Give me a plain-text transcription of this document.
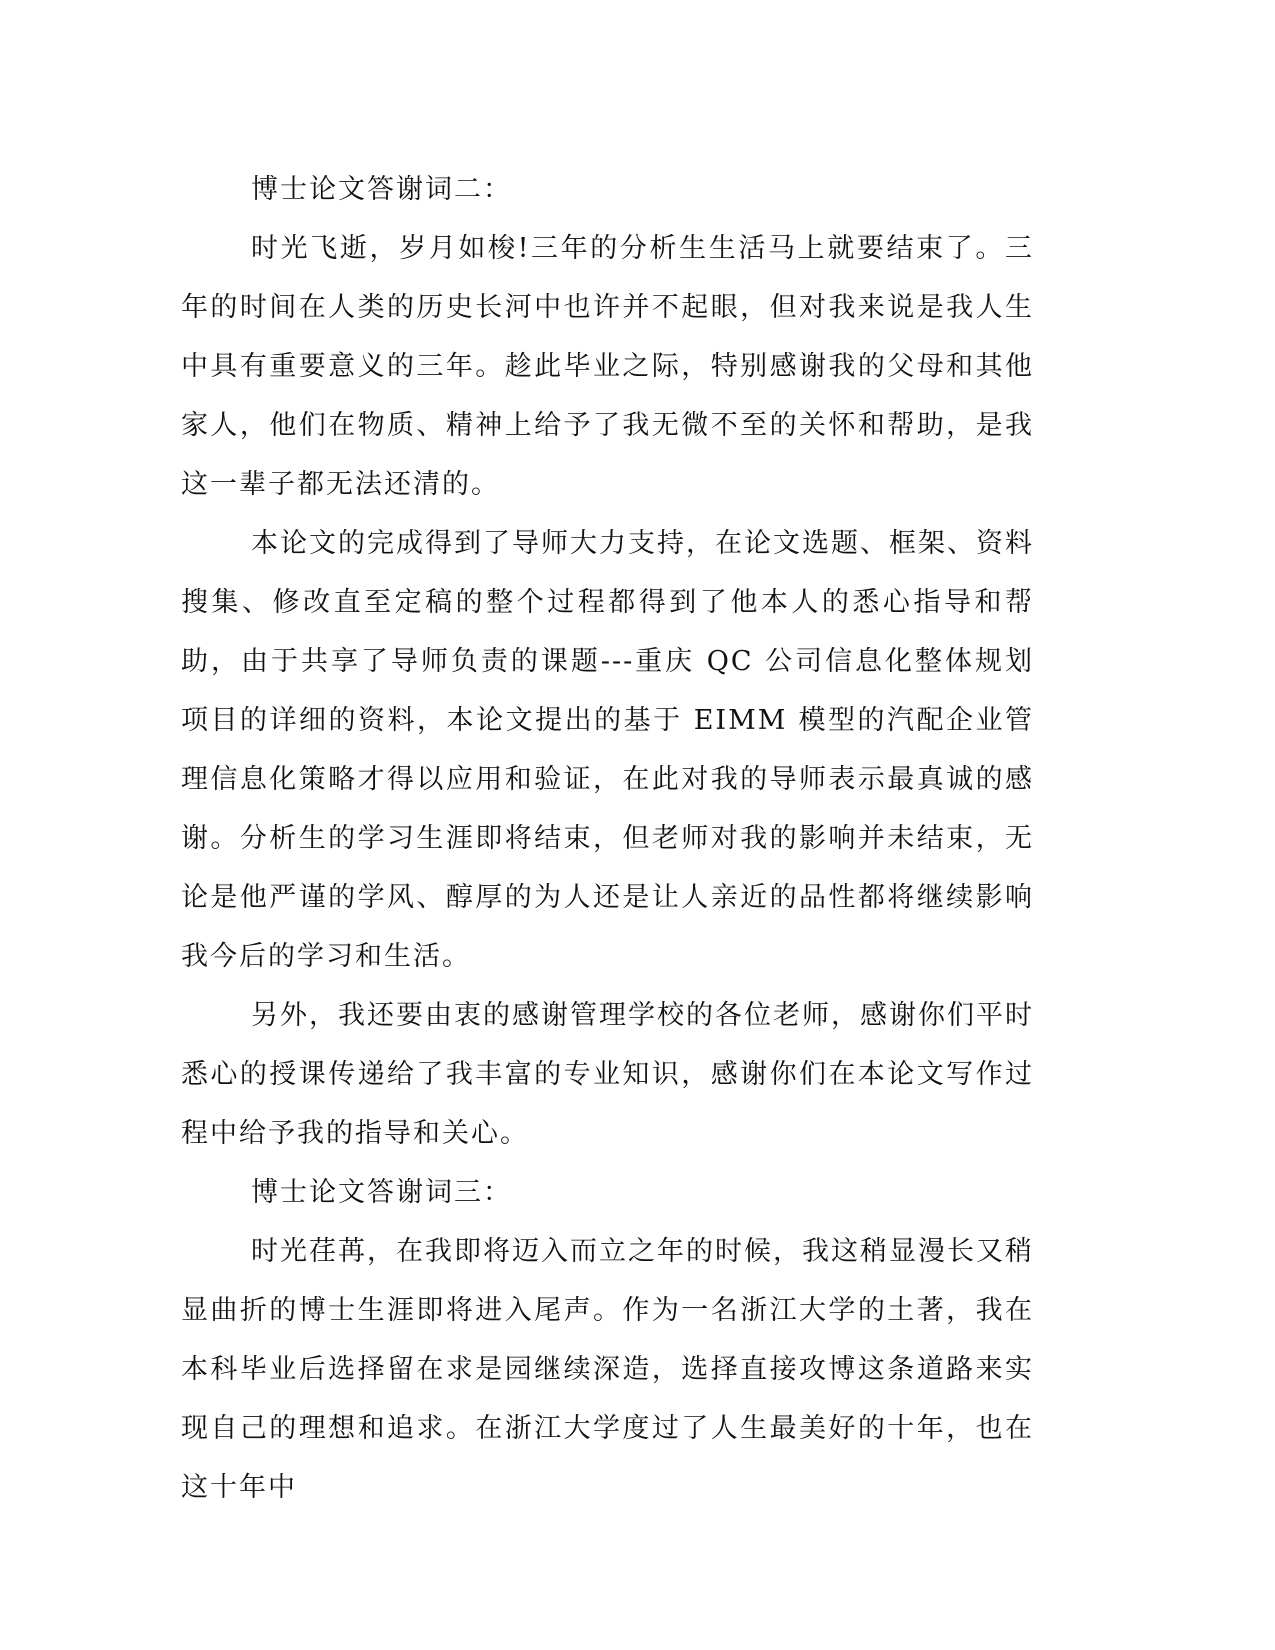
博士论文答谢词二：

时光飞逝，岁月如梭!三年的分析生生活马上就要结束了。三年的时间在人类的历史长河中也许并不起眼，但对我来说是我人生中具有重要意义的三年。趁此毕业之际，特别感谢我的父母和其他家人，他们在物质、精神上给予了我无微不至的关怀和帮助，是我这一辈子都无法还清的。

本论文的完成得到了导师大力支持，在论文选题、框架、资料搜集、修改直至定稿的整个过程都得到了他本人的悉心指导和帮助，由于共享了导师负责的课题---重庆 QC 公司信息化整体规划项目的详细的资料，本论文提出的基于 EIMM 模型的汽配企业管理信息化策略才得以应用和验证，在此对我的导师表示最真诚的感谢。分析生的学习生涯即将结束，但老师对我的影响并未结束，无论是他严谨的学风、醇厚的为人还是让人亲近的品性都将继续影响我今后的学习和生活。

另外，我还要由衷的感谢管理学校的各位老师，感谢你们平时悉心的授课传递给了我丰富的专业知识，感谢你们在本论文写作过程中给予我的指导和关心。

博士论文答谢词三：

时光荏苒，在我即将迈入而立之年的时候，我这稍显漫长又稍显曲折的博士生涯即将进入尾声。作为一名浙江大学的土著，我在本科毕业后选择留在求是园继续深造，选择直接攻博这条道路来实现自己的理想和追求。在浙江大学度过了人生最美好的十年，也在这十年中
